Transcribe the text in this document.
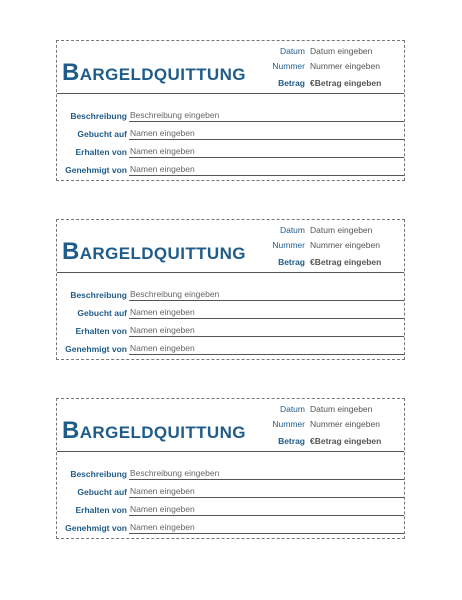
BARGELDQUITTUNG
Datum Datum eingeben
Nummer Nummer eingeben
Betrag €Betrag eingeben
Beschreibung Beschreibung eingeben
Gebucht auf Namen eingeben
Erhalten von Namen eingeben
Genehmigt von Namen eingeben
BARGELDQUITTUNG
Datum Datum eingeben
Nummer Nummer eingeben
Betrag €Betrag eingeben
Beschreibung Beschreibung eingeben
Gebucht auf Namen eingeben
Erhalten von Namen eingeben
Genehmigt von Namen eingeben
BARGELDQUITTUNG
Datum Datum eingeben
Nummer Nummer eingeben
Betrag €Betrag eingeben
Beschreibung Beschreibung eingeben
Gebucht auf Namen eingeben
Erhalten von Namen eingeben
Genehmigt von Namen eingeben
